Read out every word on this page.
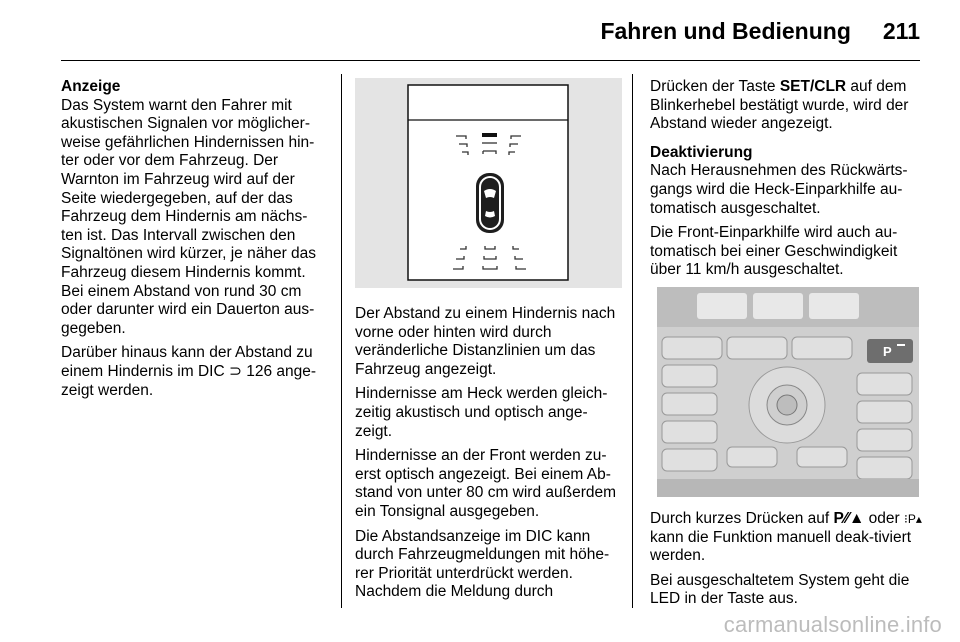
Fahren und Bedienung 211
Anzeige

Das System warnt den Fahrer mit akustischen Signalen vor möglicher-weise gefährlichen Hindernissen hin-ter oder vor dem Fahrzeug. Der Warnton im Fahrzeug wird auf der Seite wiedergegeben, auf der das Fahrzeug dem Hindernis am nächs-ten ist. Das Intervall zwischen den Signaltönen wird kürzer, je näher das Fahrzeug diesem Hindernis kommt. Bei einem Abstand von rund 30 cm oder darunter wird ein Dauerton aus-gegeben.

Darüber hinaus kann der Abstand zu einem Hindernis im DIC ⊃ 126 ange-zeigt werden.

Der Abstand zu einem Hindernis nach vorne oder hinten wird durch veränderliche Distanzlinien um das Fahrzeug angezeigt.

Hindernisse am Heck werden gleich-zeitig akustisch und optisch ange-zeigt.

Hindernisse an der Front werden zu-erst optisch angezeigt. Bei einem Ab-stand von unter 80 cm wird außerdem ein Tonsignal ausgegeben.

Die Abstandsanzeige im DIC kann durch Fahrzeugmeldungen mit höhe-rer Priorität unterdrückt werden. Nachdem die Meldung durch

Drücken der Taste SET/CLR auf dem Blinkerhebel bestätigt wurde, wird der Abstand wieder angezeigt.

Deaktivierung

Nach Herausnehmen des Rückwärts-gangs wird die Heck-Einparkhilfe au-tomatisch ausgeschaltet.

Die Front-Einparkhilfe wird auch au-tomatisch bei einer Geschwindigkeit über 11 km/h ausgeschaltet.

P

Durch kurzes Drücken auf P⁄⁄▲ oder ⁝P▴ kann die Funktion manuell deak-tiviert werden.

Bei ausgeschaltetem System geht die LED in der Taste aus.

carmanualsonline.info
